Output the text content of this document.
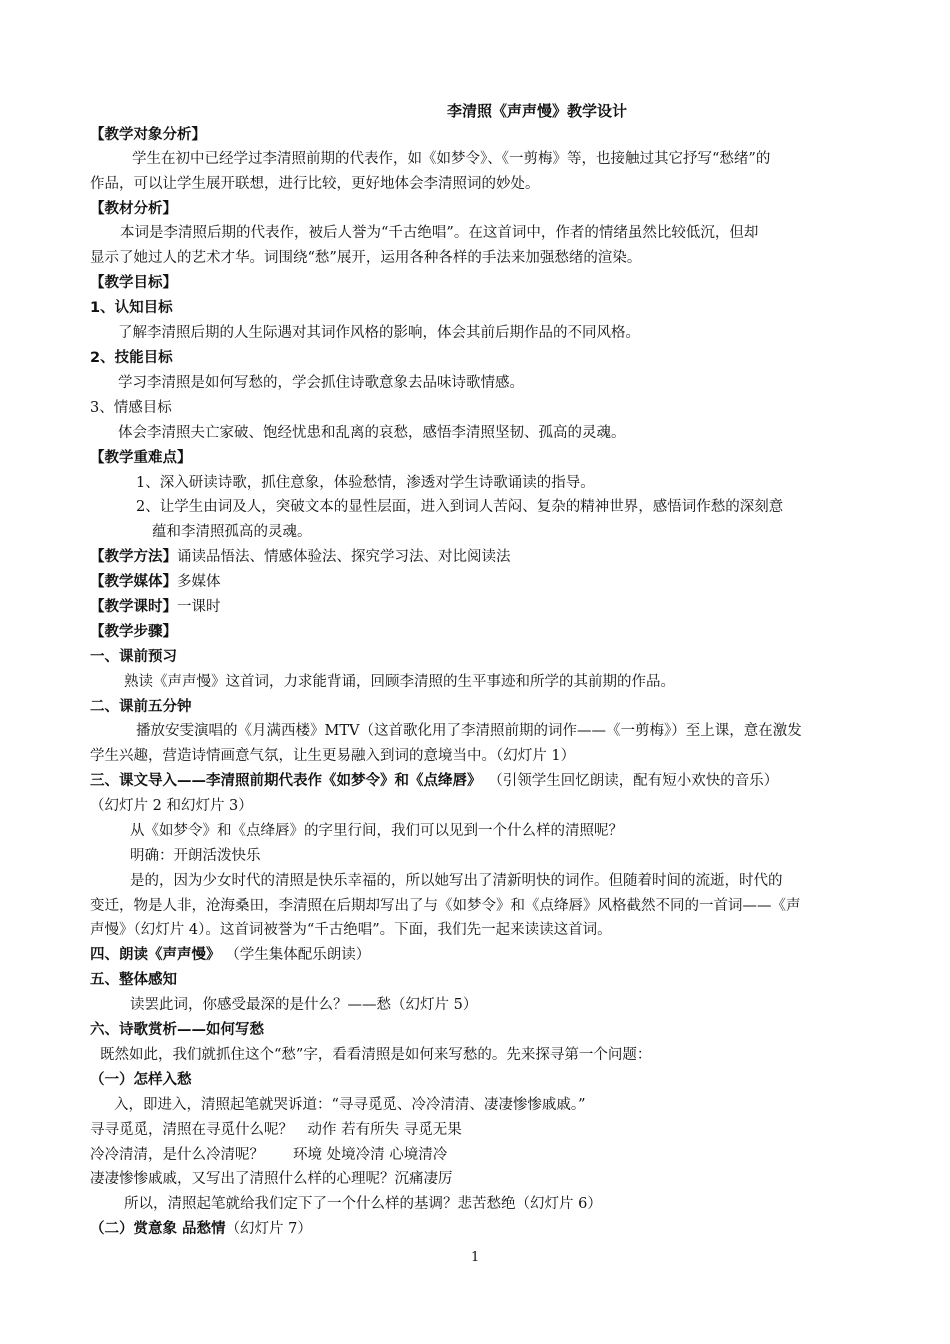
李清照《声声慢》教学设计
【教学对象分析】
学生在初中已经学过李清照前期的代表作，如《如梦令》、《一剪梅》等，也接触过其它抒写“愁绪”的
作品，可以让学生展开联想，进行比较，更好地体会李清照词的妙处。
【教材分析】
本词是李清照后期的代表作，被后人誉为“千古绝唱”。在这首词中，作者的情绪虽然比较低沉，但却
显示了她过人的艺术才华。词围绕“愁”展开，运用各种各样的手法来加强愁绪的渲染。
【教学目标】
1、认知目标
了解李清照后期的人生际遇对其词作风格的影响，体会其前后期作品的不同风格。
2、技能目标
学习李清照是如何写愁的，学会抓住诗歌意象去品味诗歌情感。
3、情感目标
体会李清照夫亡家破、饱经忧患和乱离的哀愁，感悟李清照坚韧、孤高的灵魂。
【教学重难点】
1、深入研读诗歌，抓住意象，体验愁情，渗透对学生诗歌诵读的指导。
2、让学生由词及人，突破文本的显性层面，进入到词人苦闷、复杂的精神世界，感悟词作愁的深刻意
蕴和李清照孤高的灵魂。
【教学方法】诵读品悟法、情感体验法、探究学习法、对比阅读法
【教学媒体】多媒体
【教学课时】一课时
【教学步骤】
一、课前预习
熟读《声声慢》这首词，力求能背诵，回顾李清照的生平事迹和所学的其前期的作品。
二、课前五分钟
播放安雯演唱的《月满西楼》MTV（这首歌化用了李清照前期的词作——《一剪梅》）至上课，意在激发
学生兴趣，营造诗情画意气氛，让生更易融入到词的意境当中。（幻灯片 1）
三、课文导入——李清照前期代表作《如梦令》和《点绛唇》 （引领学生回忆朗读，配有短小欢快的音乐）
（幻灯片 2 和幻灯片 3）
从《如梦令》和《点绛唇》的字里行间，我们可以见到一个什么样的清照呢？
明确：开朗活泼快乐
是的，因为少女时代的清照是快乐幸福的，所以她写出了清新明快的词作。但随着时间的流逝，时代的
变迁，物是人非，沧海桑田，李清照在后期却写出了与《如梦令》和《点绛唇》风格截然不同的一首词——《声
声慢》（幻灯片 4）。这首词被誉为“千古绝唱”。下面，我们先一起来读读这首词。
四、朗读《声声慢》 （学生集体配乐朗读）
五、整体感知
读罢此词，你感受最深的是什么？——愁（幻灯片 5）
六、诗歌赏析——如何写愁
既然如此，我们就抓住这个“愁”字，看看清照是如何来写愁的。先来探寻第一个问题：
（一）怎样入愁
入，即进入，清照起笔就哭诉道：“寻寻觅觅、冷冷清清、凄凄惨惨戚戚。”
寻寻觅觅，清照在寻觅什么呢？　动作 若有所失 寻觅无果
冷冷清清，是什么冷清呢？　　环境 处境冷清 心境清冷
凄凄惨惨戚戚，又写出了清照什么样的心理呢？沉痛凄厉
所以，清照起笔就给我们定下了一个什么样的基调？悲苦愁绝（幻灯片 6）
（二）赏意象 品愁情（幻灯片 7）
1
